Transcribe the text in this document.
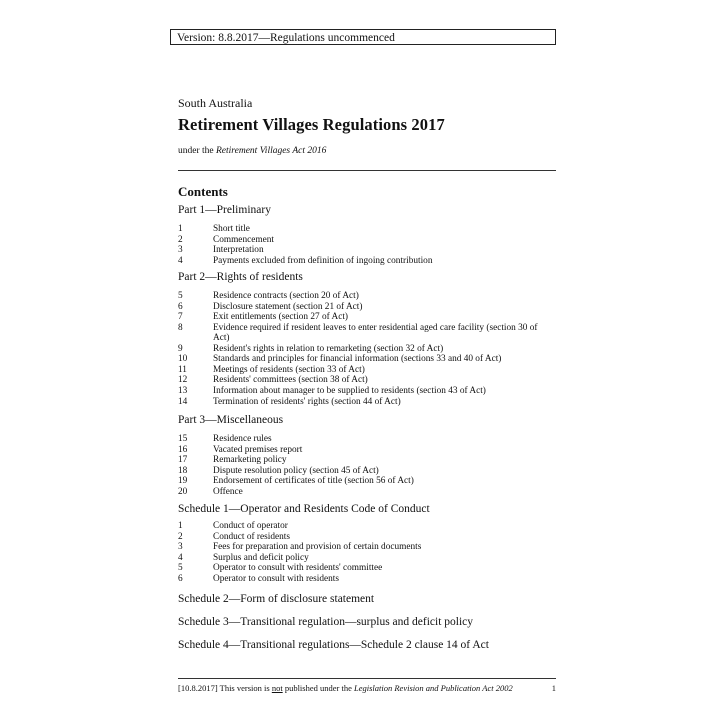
Version: 8.8.2017—Regulations uncommenced
South Australia
Retirement Villages Regulations 2017
under the Retirement Villages Act 2016
Contents
Part 1—Preliminary
1	Short title
2	Commencement
3	Interpretation
4	Payments excluded from definition of ingoing contribution
Part 2—Rights of residents
5	Residence contracts (section 20 of Act)
6	Disclosure statement (section 21 of Act)
7	Exit entitlements (section 27 of Act)
8	Evidence required if resident leaves to enter residential aged care facility (section 30 of
Act)
9	Resident's rights in relation to remarketing (section 32 of Act)
10	Standards and principles for financial information (sections 33 and 40 of Act)
11	Meetings of residents (section 33 of Act)
12	Residents' committees (section 38 of Act)
13	Information about manager to be supplied to residents (section 43 of Act)
14	Termination of residents' rights (section 44 of Act)
Part 3—Miscellaneous
15	Residence rules
16	Vacated premises report
17	Remarketing policy
18	Dispute resolution policy (section 45 of Act)
19	Endorsement of certificates of title (section 56 of Act)
20	Offence
Schedule 1—Operator and Residents Code of Conduct
1	Conduct of operator
2	Conduct of residents
3	Fees for preparation and provision of certain documents
4	Surplus and deficit policy
5	Operator to consult with residents' committee
6	Operator to consult with residents
Schedule 2—Form of disclosure statement
Schedule 3—Transitional regulation—surplus and deficit policy
Schedule 4—Transitional regulations—Schedule 2 clause 14 of Act
[10.8.2017] This version is not published under the Legislation Revision and Publication Act 2002	1
